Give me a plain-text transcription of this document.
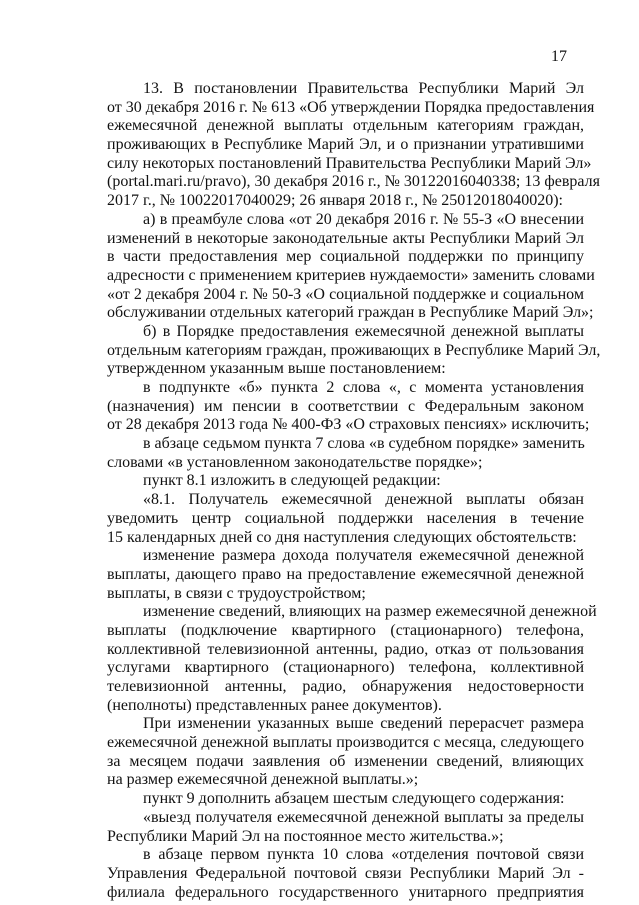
17
13. В постановлении Правительства Республики Марий Эл
от 30 декабря 2016 г. № 613 «Об утверждении Порядка предоставления
ежемесячной денежной выплаты отдельным категориям граждан,
проживающих в Республике Марий Эл, и о признании утратившими
силу некоторых постановлений Правительства Республики Марий Эл»
(portal.mari.ru/pravo), 30 декабря 2016 г., № 30122016040338; 13 февраля
2017 г., № 10022017040029; 26 января 2018 г., № 25012018040020):
а) в преамбуле слова «от 20 декабря 2016 г. № 55-З «О внесении
изменений в некоторые законодательные акты Республики Марий Эл
в части предоставления мер социальной поддержки по принципу
адресности с применением критериев нуждаемости» заменить словами
«от 2 декабря 2004 г. № 50-З «О социальной поддержке и социальном
обслуживании отдельных категорий граждан в Республике Марий Эл»;
б) в Порядке предоставления ежемесячной денежной выплаты
отдельным категориям граждан, проживающих в Республике Марий Эл,
утвержденном указанным выше постановлением:
в подпункте «б» пункта 2 слова «, с момента установления
(назначения) им пенсии в соответствии с Федеральным законом
от 28 декабря 2013 года № 400-ФЗ «О страховых пенсиях» исключить;
в абзаце седьмом пункта 7 слова «в судебном порядке» заменить
словами «в установленном законодательстве порядке»;
пункт 8.1 изложить в следующей редакции:
«8.1. Получатель ежемесячной денежной выплаты обязан
уведомить центр социальной поддержки населения в течение
15 календарных дней со дня наступления следующих обстоятельств:
изменение размера дохода получателя ежемесячной денежной
выплаты, дающего право на предоставление ежемесячной денежной
выплаты, в связи с трудоустройством;
изменение сведений, влияющих на размер ежемесячной денежной
выплаты (подключение квартирного (стационарного) телефона,
коллективной телевизионной антенны, радио, отказ от пользования
услугами квартирного (стационарного) телефона, коллективной
телевизионной антенны, радио, обнаружения недостоверности
(неполноты) представленных ранее документов).
При изменении указанных выше сведений перерасчет размера
ежемесячной денежной выплаты производится с месяца, следующего
за месяцем подачи заявления об изменении сведений, влияющих
на размер ежемесячной денежной выплаты.»;
пункт 9 дополнить абзацем шестым следующего содержания:
«выезд получателя ежемесячной денежной выплаты за пределы
Республики Марий Эл на постоянное место жительства.»;
в абзаце первом пункта 10 слова «отделения почтовой связи
Управления Федеральной почтовой связи Республики Марий Эл -
филиала федерального государственного унитарного предприятия
